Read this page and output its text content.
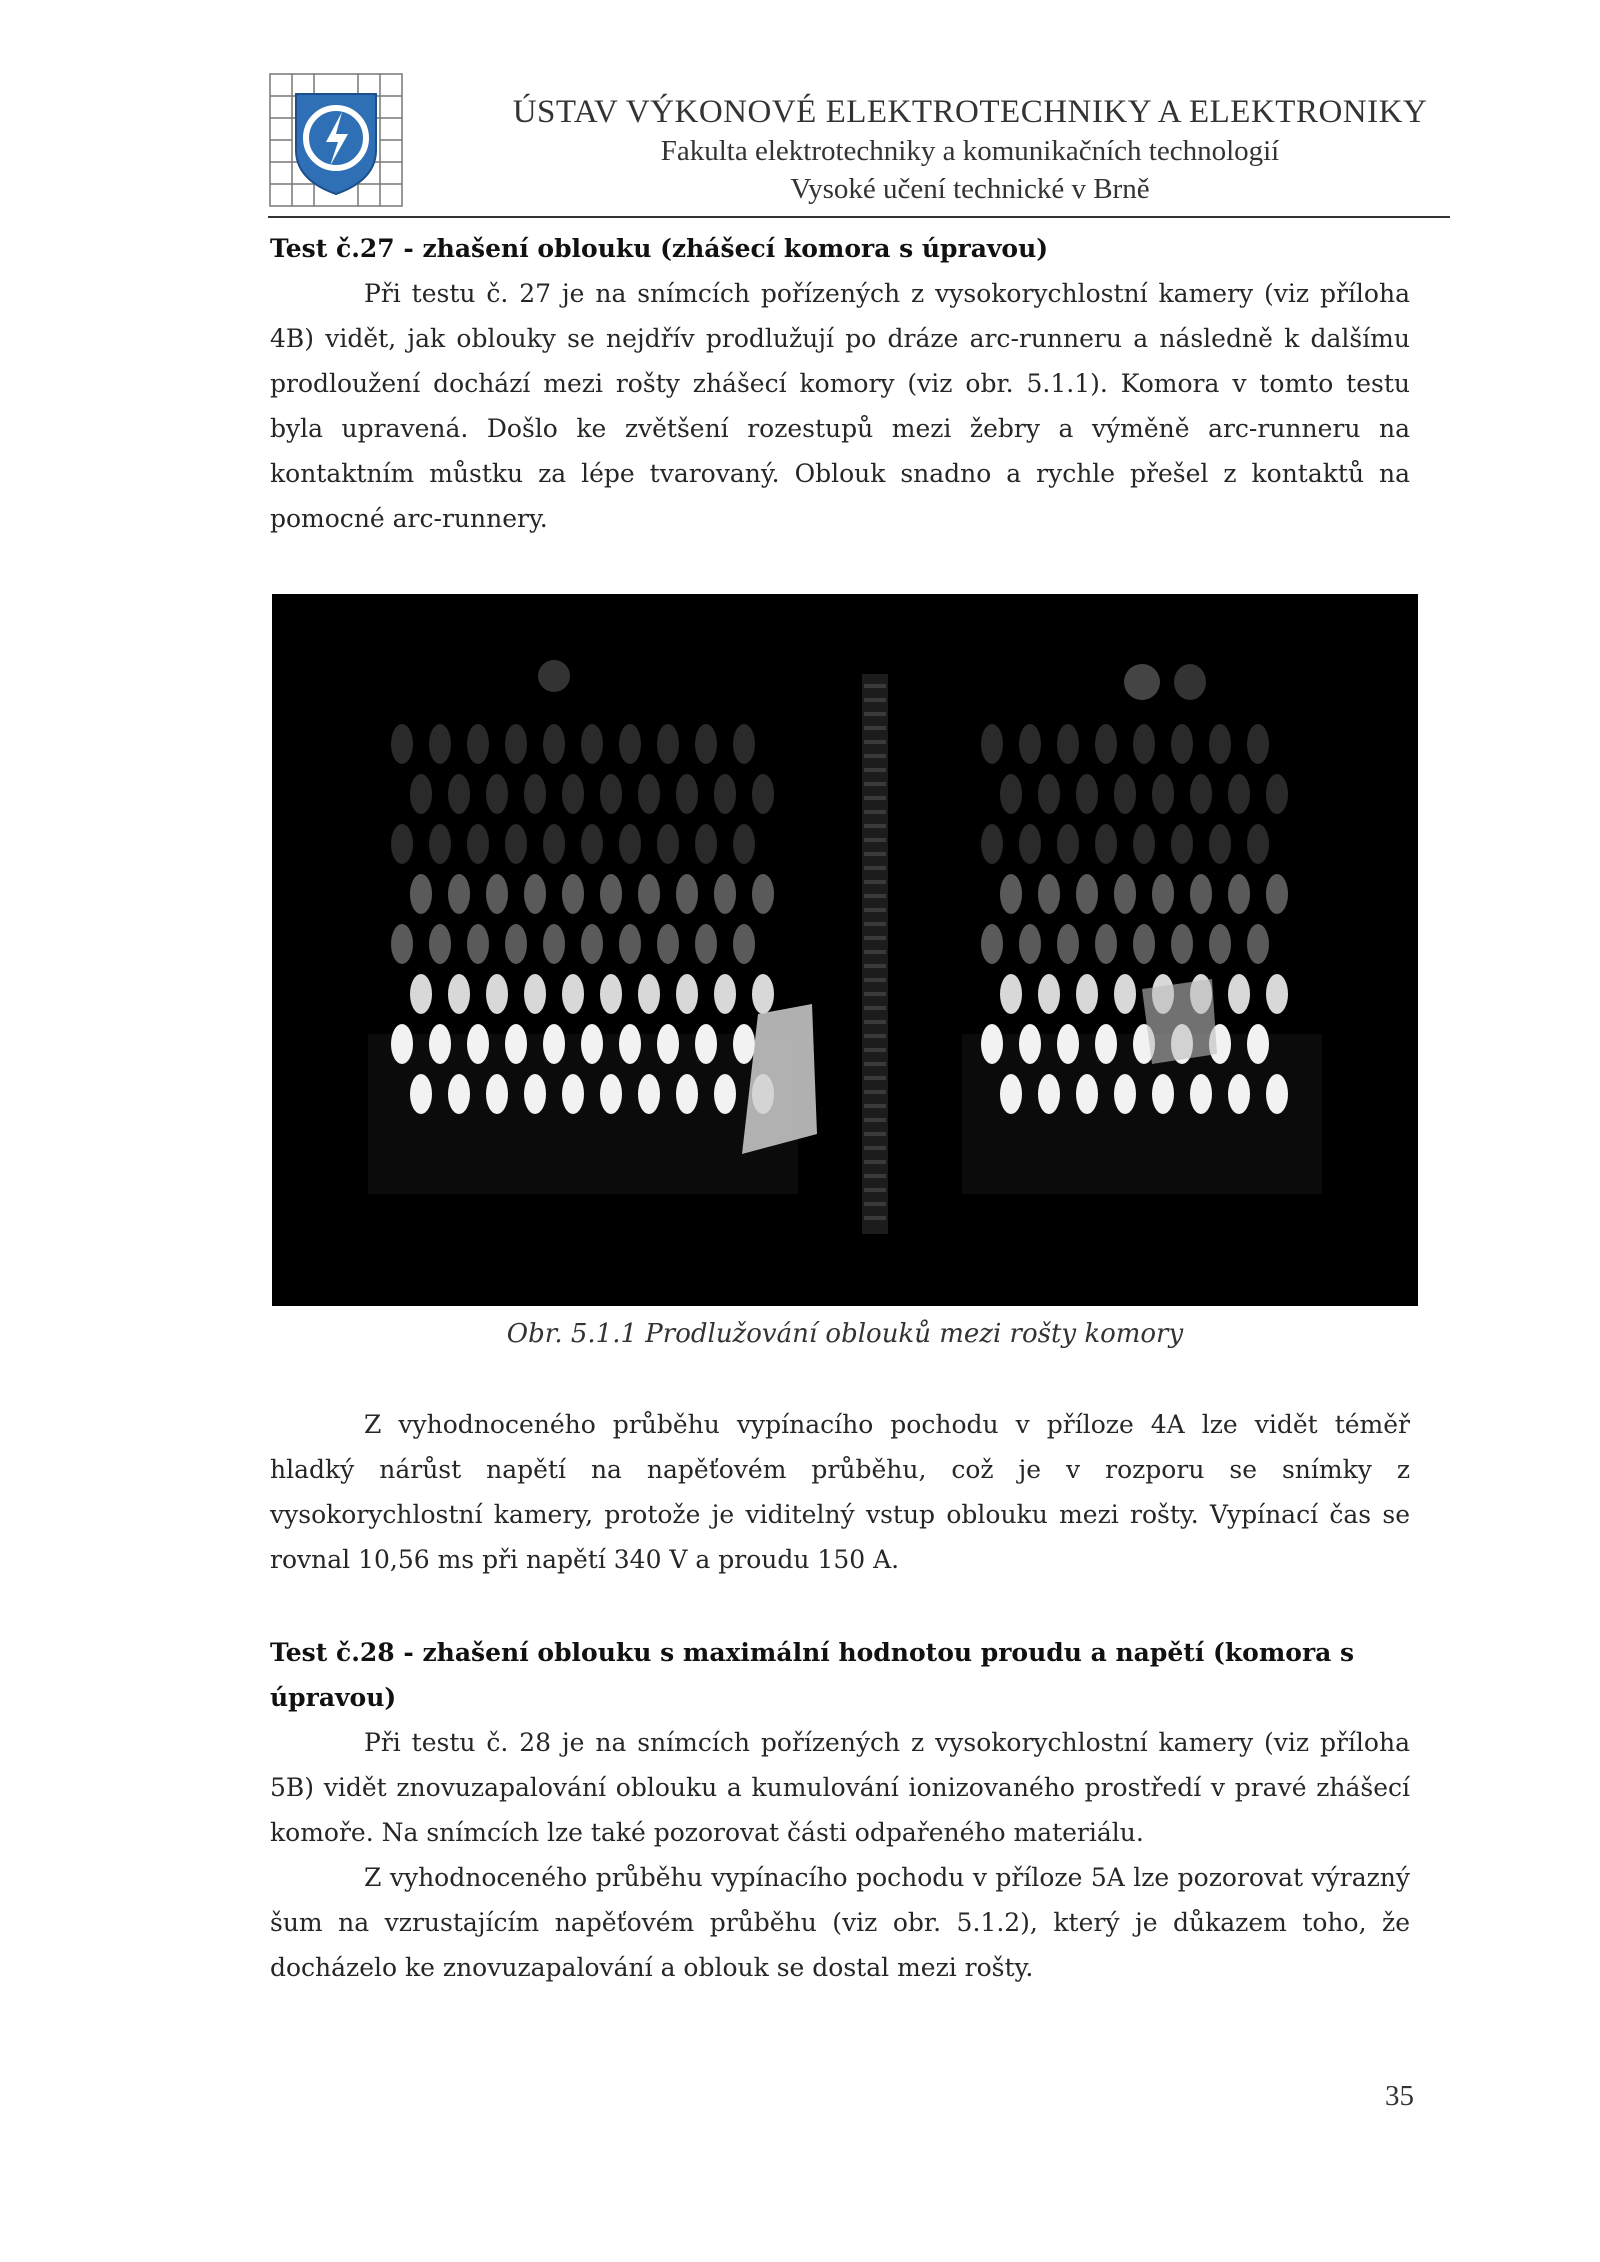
ÚSTAV VÝKONOVÉ ELEKTROTECHNIKY A ELEKTRONIKY
Fakulta elektrotechniky a komunikačních technologií
Vysoké učení technické v Brně
Test č.27 - zhašení oblouku (zhášecí komora s úpravou)

Při testu č. 27 je na snímcích pořízených z vysokorychlostní kamery (viz příloha 4B) vidět, jak oblouky se nejdřív prodlužují po dráze arc-runneru a následně k dalšímu prodloužení dochází mezi rošty zhášecí komory (viz obr. 5.1.1). Komora v tomto testu byla upravená. Došlo ke zvětšení rozestupů mezi žebry a výměně arc-runneru na kontaktním můstku za lépe tvarovaný. Oblouk snadno a rychle přešel z kontaktů na pomocné arc-runnery.

Obr. 5.1.1 Prodlužování oblouků mezi rošty komory

Z vyhodnoceného průběhu vypínacího pochodu v příloze 4A lze vidět téměř hladký nárůst napětí na napěťovém průběhu, což je v rozporu se snímky z vysokorychlostní kamery, protože je viditelný vstup oblouku mezi rošty. Vypínací čas se rovnal 10,56 ms při napětí 340 V a proudu 150 A.

Test č.28 - zhašení oblouku s maximální hodnotou proudu a napětí (komora s úpravou)

Při testu č. 28 je na snímcích pořízených z vysokorychlostní kamery (viz příloha 5B) vidět znovuzapalování oblouku a kumulování ionizovaného prostředí v pravé zhášecí komoře. Na snímcích lze také pozorovat části odpařeného materiálu.

Z vyhodnoceného průběhu vypínacího pochodu v příloze 5A lze pozorovat výrazný šum na vzrustajícím napěťovém průběhu (viz obr. 5.1.2), který je důkazem toho, že docházelo ke znovuzapalování a oblouk se dostal mezi rošty.

35
